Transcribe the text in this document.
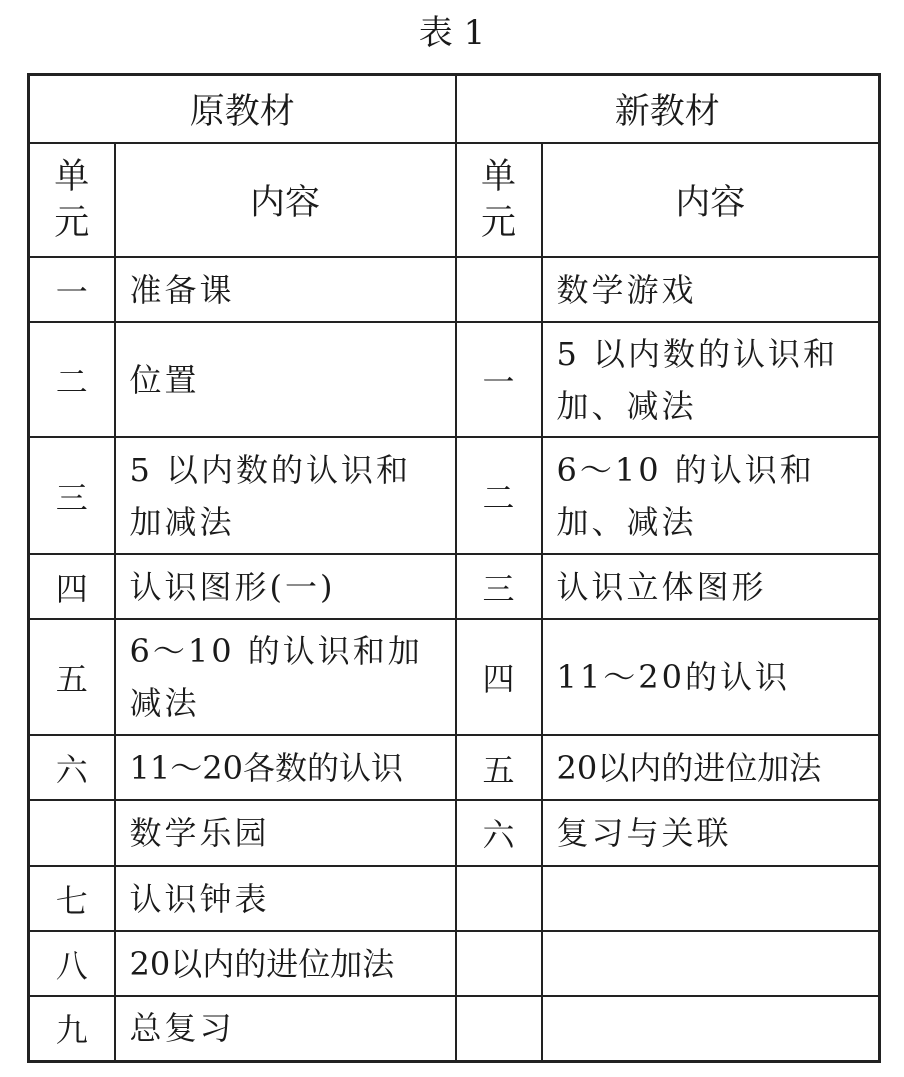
表 1
原教材		新教材	
单元	内容	单元	内容
一	准备课		数学游戏
二	位置	一	5 以内数的认识和加、减法
三	5 以内数的认识和加减法	二	6～10 的认识和加、减法
四	认识图形(一)	三	认识立体图形
五	6～10 的认识和加减法	四	11～20的认识
六	11～20各数的认识	五	20以内的进位加法
	数学乐园	六	复习与关联
七	认识钟表		
八	20以内的进位加法		
九	总复习		
